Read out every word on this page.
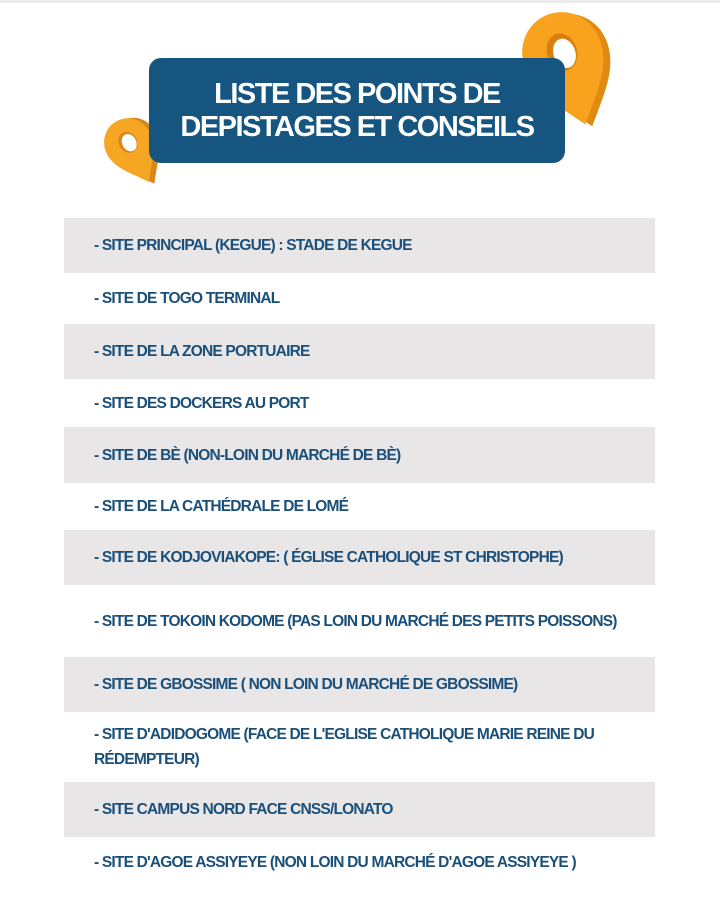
LISTE DES POINTS DE
DEPISTAGES ET CONSEILS
- SITE PRINCIPAL (KEGUE) : STADE DE KEGUE
- SITE DE TOGO TERMINAL
- SITE DE LA ZONE PORTUAIRE
- SITE DES DOCKERS AU PORT
- SITE DE BÈ (NON-LOIN DU MARCHÉ DE BÈ)
- SITE DE LA CATHÉDRALE DE LOMÉ
- SITE DE KODJOVIAKOPE: ( ÉGLISE CATHOLIQUE ST CHRISTOPHE)
- SITE DE TOKOIN KODOME (PAS LOIN DU MARCHÉ DES PETITS POISSONS)
- SITE DE GBOSSIME ( NON LOIN DU MARCHÉ DE GBOSSIME)
- SITE D'ADIDOGOME (FACE DE L'EGLISE CATHOLIQUE MARIE REINE DU RÉDEMPTEUR)
- SITE CAMPUS NORD FACE CNSS/LONATO
- SITE D'AGOE ASSIYEYE (NON LOIN DU MARCHÉ D'AGOE ASSIYEYE )
